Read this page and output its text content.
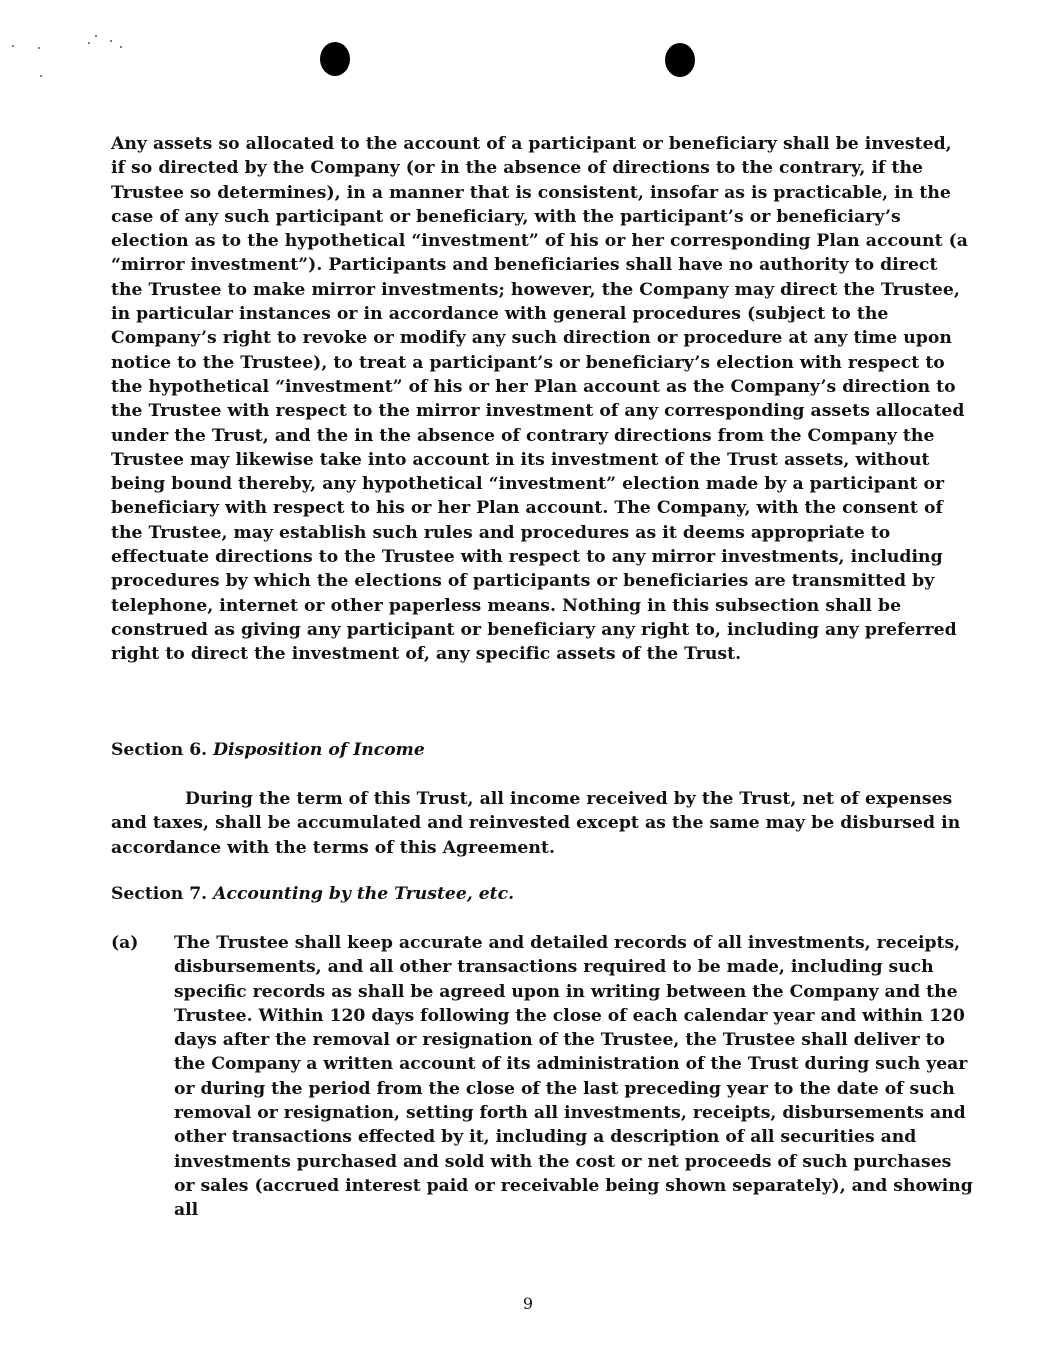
Any assets so allocated to the account of a participant or beneficiary shall be invested, if so directed by the Company (or in the absence of directions to the contrary, if the Trustee so determines), in a manner that is consistent, insofar as is practicable, in the case of any such participant or beneficiary, with the participant’s or beneficiary’s election as to the hypothetical “investment” of his or her corresponding Plan account (a “mirror investment”). Participants and beneficiaries shall have no authority to direct the Trustee to make mirror investments; however, the Company may direct the Trustee, in particular instances or in accordance with general procedures (subject to the Company’s right to revoke or modify any such direction or procedure at any time upon notice to the Trustee), to treat a participant’s or beneficiary’s election with respect to the hypothetical “investment” of his or her Plan account as the Company’s direction to the Trustee with respect to the mirror investment of any corresponding assets allocated under the Trust, and the in the absence of contrary directions from the Company the Trustee may likewise take into account in its investment of the Trust assets, without being bound thereby, any hypothetical “investment” election made by a participant or beneficiary with respect to his or her Plan account. The Company, with the consent of the Trustee, may establish such rules and procedures as it deems appropriate to effectuate directions to the Trustee with respect to any mirror investments, including procedures by which the elections of participants or beneficiaries are transmitted by telephone, internet or other paperless means. Nothing in this subsection shall be construed as giving any participant or beneficiary any right to, including any preferred right to direct the investment of, any specific assets of the Trust.

Section 6. Disposition of Income

During the term of this Trust, all income received by the Trust, net of expenses and taxes, shall be accumulated and reinvested except as the same may be disbursed in accordance with the terms of this Agreement.

Section 7. Accounting by the Trustee, etc.
(a) The Trustee shall keep accurate and detailed records of all investments, receipts, disbursements, and all other transactions required to be made, including such specific records as shall be agreed upon in writing between the Company and the Trustee. Within 120 days following the close of each calendar year and within 120 days after the removal or resignation of the Trustee, the Trustee shall deliver to the Company a written account of its administration of the Trust during such year or during the period from the close of the last preceding year to the date of such removal or resignation, setting forth all investments, receipts, disbursements and other transactions effected by it, including a description of all securities and investments purchased and sold with the cost or net proceeds of such purchases or sales (accrued interest paid or receivable being shown separately), and showing all

9
